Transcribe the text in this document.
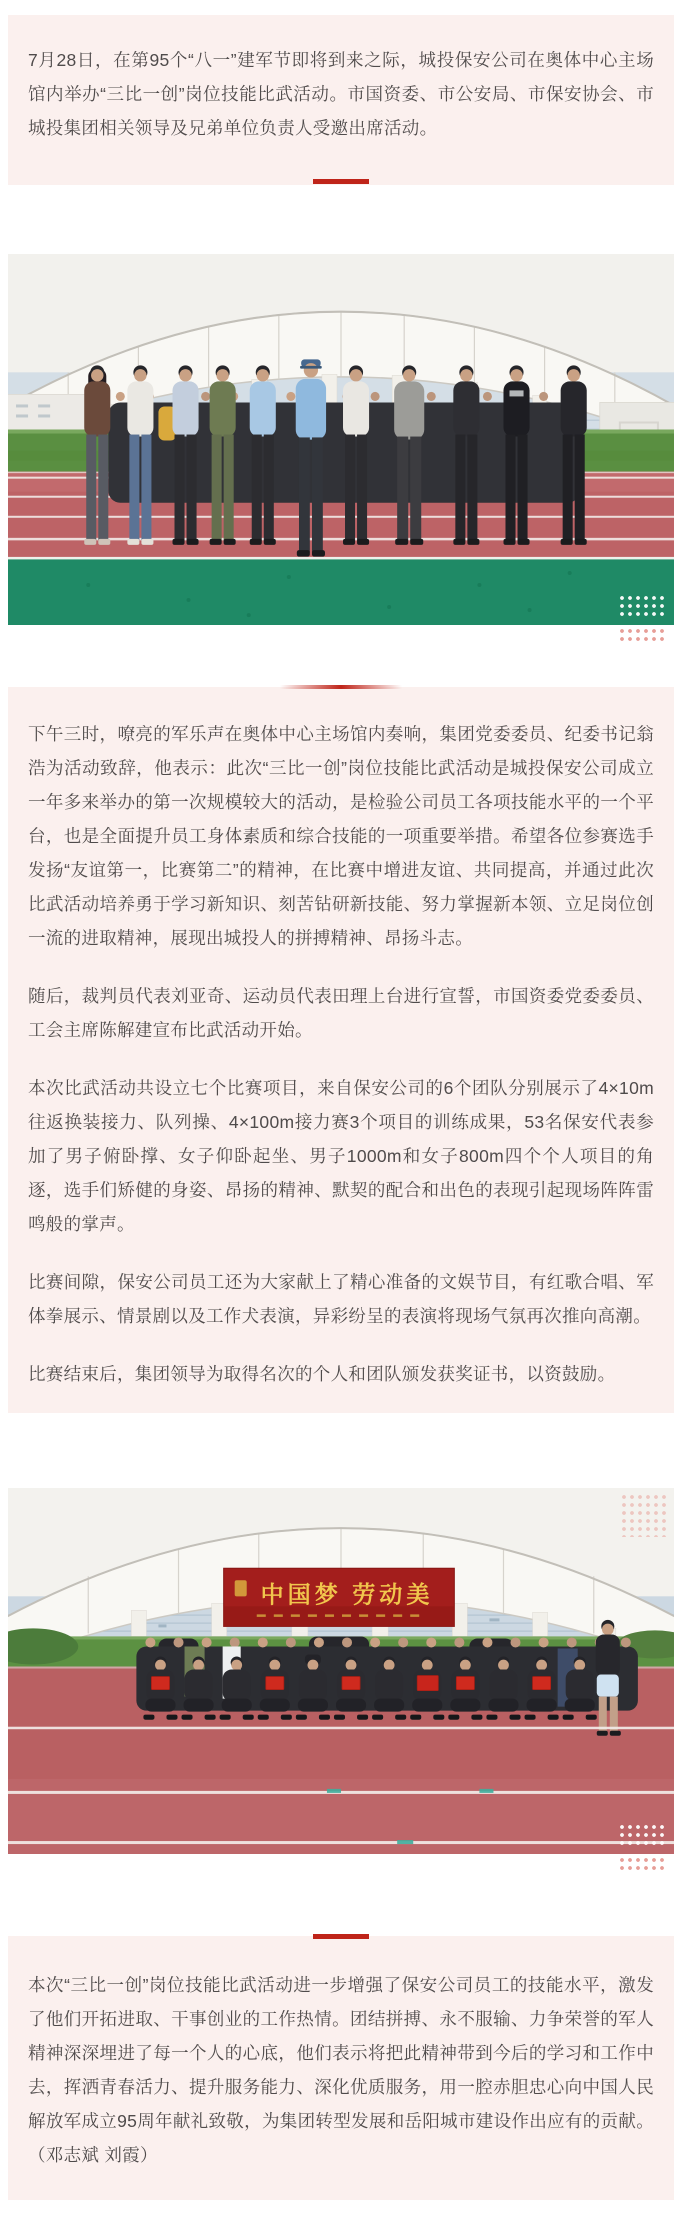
7月28日，在第95个“八一”建军节即将到来之际，城投保安公司在奥体中心主场馆内举办“三比一创”岗位技能比武活动。市国资委、市公安局、市保安协会、市城投集团相关领导及兄弟单位负责人受邀出席活动。

下午三时，嘹亮的军乐声在奥体中心主场馆内奏响，集团党委委员、纪委书记翁浩为活动致辞，他表示：此次“三比一创”岗位技能比武活动是城投保安公司成立一年多来举办的第一次规模较大的活动，是检验公司员工各项技能水平的一个平台，也是全面提升员工身体素质和综合技能的一项重要举措。希望各位参赛选手发扬“友谊第一，比赛第二”的精神，在比赛中增进友谊、共同提高，并通过此次比武活动培养勇于学习新知识、刻苦钻研新技能、努力掌握新本领、立足岗位创一流的进取精神，展现出城投人的拼搏精神、昂扬斗志。

随后，裁判员代表刘亚奇、运动员代表田理上台进行宣誓，市国资委党委委员、工会主席陈解建宣布比武活动开始。

本次比武活动共设立七个比赛项目，来自保安公司的6个团队分别展示了4×10m往返换装接力、队列操、4×100m接力赛3个项目的训练成果，53名保安代表参加了男子俯卧撑、女子仰卧起坐、男子1000m和女子800m四个个人项目的角逐，选手们矫健的身姿、昂扬的精神、默契的配合和出色的表现引起现场阵阵雷鸣般的掌声。

比赛间隙，保安公司员工还为大家献上了精心准备的文娱节目，有红歌合唱、军体拳展示、情景剧以及工作犬表演，异彩纷呈的表演将现场气氛再次推向高潮。

比赛结束后，集团领导为取得名次的个人和团队颁发获奖证书，以资鼓励。

中国梦 劳动美

本次“三比一创”岗位技能比武活动进一步增强了保安公司员工的技能水平，激发了他们开拓进取、干事创业的工作热情。团结拼搏、永不服输、力争荣誉的军人精神深深埋进了每一个人的心底，他们表示将把此精神带到今后的学习和工作中去，挥洒青春活力、提升服务能力、深化优质服务，用一腔赤胆忠心向中国人民解放军成立95周年献礼致敬，为集团转型发展和岳阳城市建设作出应有的贡献。（邓志斌 刘霞）
